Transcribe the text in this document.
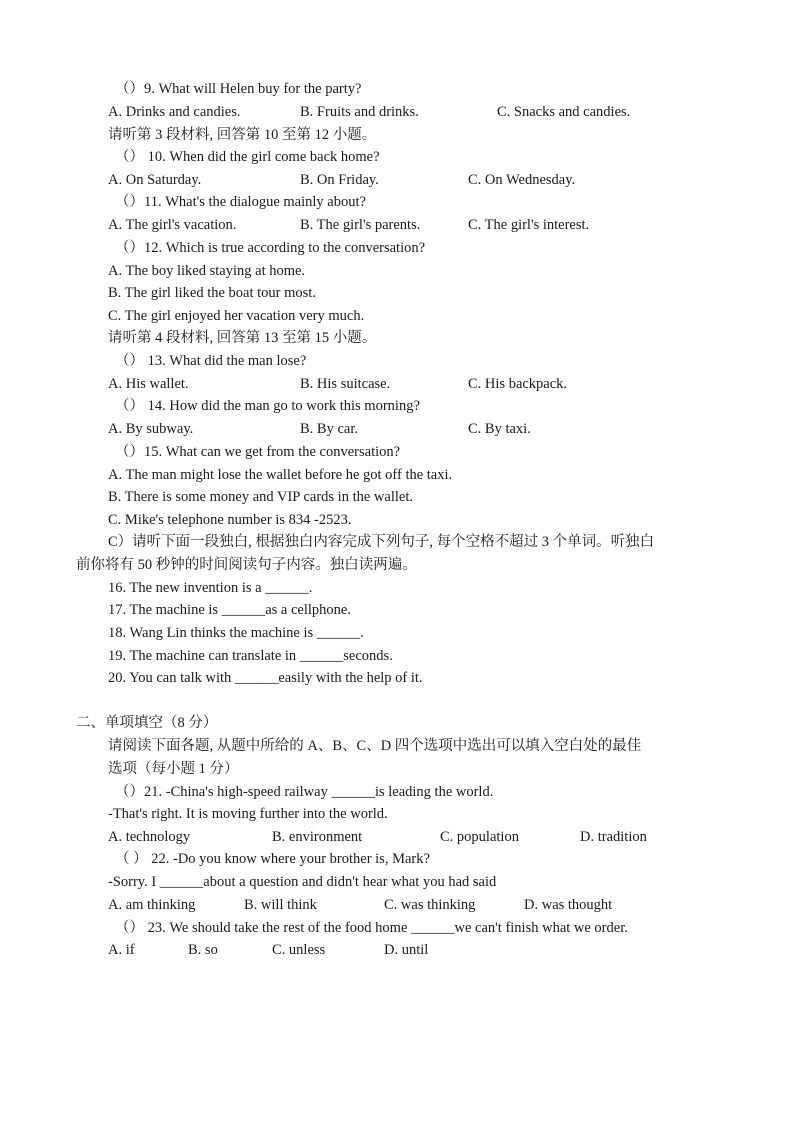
（）9. What will Helen buy for the party?
A. Drinks and candies.	B. Fruits and drinks.	C. Snacks and candies.
请听第 3 段材料, 回答第 10 至第 12 小题。
（） 10. When did the girl come back home?
A. On Saturday.	B. On Friday.	C. On Wednesday.
（）11. What's the dialogue mainly about?
A. The girl's vacation.	B. The girl's parents.	C. The girl's interest.
（）12. Which is true according to the conversation?
A. The boy liked staying at home.
B. The girl liked the boat tour most.
C. The girl enjoyed her vacation very much.
请听第 4 段材料, 回答第 13 至第 15 小题。
（） 13. What did the man lose?
A. His wallet.	B. His suitcase.	C. His backpack.
（） 14. How did the man go to work this morning?
A. By subway.	B. By car.	C. By taxi.
（）15. What can we get from the conversation?
A. The man might lose the wallet before he got off the taxi.
B. There is some money and VIP cards in the wallet.
C. Mike's telephone number is 834 -2523.
C）请听下面一段独白, 根据独白内容完成下列句子, 每个空格不超过 3 个单词。听独白
前你将有 50 秒钟的时间阅读句子内容。独白读两遍。
16. The new invention is a ______.
17. The machine is ______as a cellphone.
18. Wang Lin thinks the machine is ______.
19. The machine can translate in ______seconds.
20. You can talk with ______easily with the help of it.
二、单项填空（8 分）
请阅读下面各题, 从题中所给的 A、B、C、D 四个选项中选出可以填入空白处的最佳
选项（每小题 1 分）
（）21. -China's high-speed railway ______is leading the world.
-That's right. It is moving further into the world.
A. technology	B. environment	C. population	D. tradition
（ ） 22. -Do you know where your brother is, Mark?
-Sorry. I ______about a question and didn't hear what you had said
A. am thinking	B. will think	C. was thinking	D. was thought
（） 23. We should take the rest of the food home ______we can't finish what we order.
A. if	B. so	C. unless	D. until
